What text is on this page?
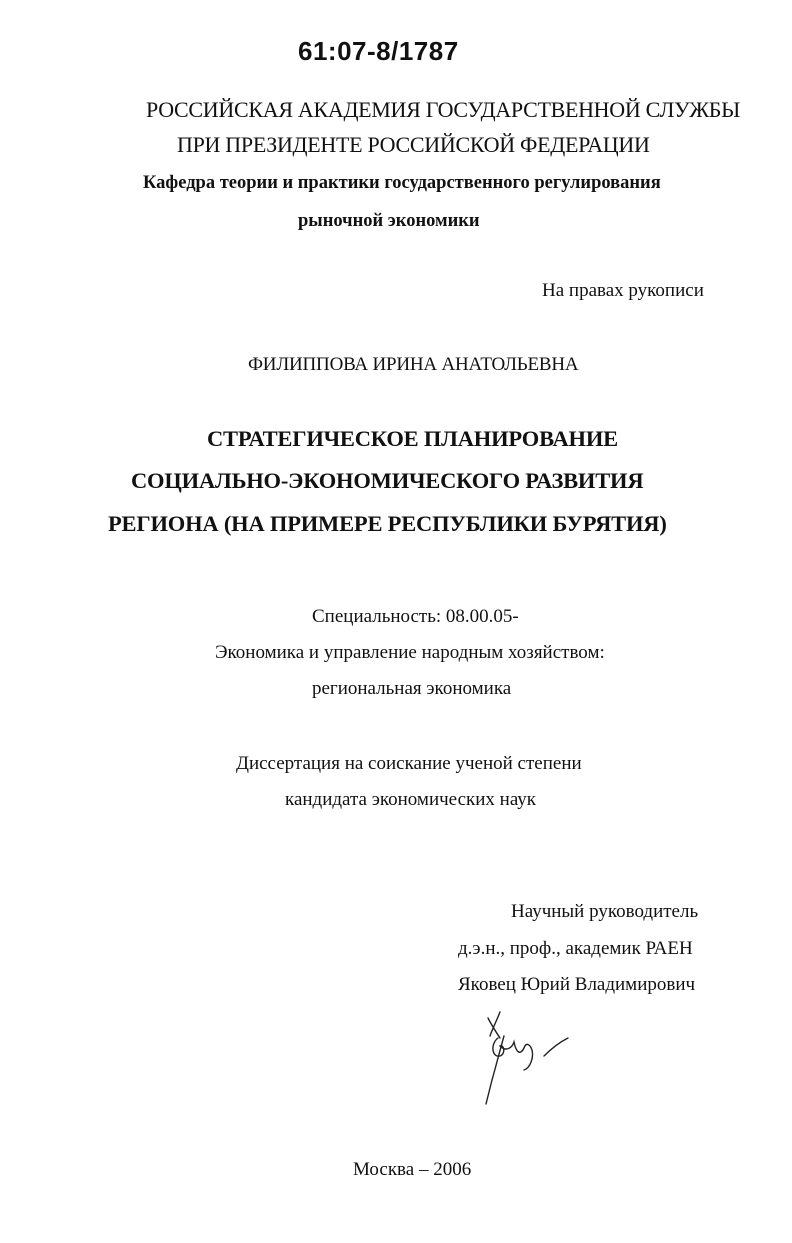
61:07-8/1787
РОССИЙСКАЯ АКАДЕМИЯ ГОСУДАРСТВЕННОЙ СЛУЖБЫ
ПРИ ПРЕЗИДЕНТЕ РОССИЙСКОЙ ФЕДЕРАЦИИ
Кафедра теории и практики государственного регулирования
рыночной экономики
На правах рукописи
ФИЛИППОВА ИРИНА АНАТОЛЬЕВНА
СТРАТЕГИЧЕСКОЕ ПЛАНИРОВАНИЕ
СОЦИАЛЬНО-ЭКОНОМИЧЕСКОГО РАЗВИТИЯ
РЕГИОНА (НА ПРИМЕРЕ РЕСПУБЛИКИ БУРЯТИЯ)
Специальность: 08.00.05-
Экономика и управление народным хозяйством:
региональная экономика
Диссертация на соискание ученой степени
кандидата экономических наук
Научный руководитель
д.э.н., проф., академик РАЕН
Яковец Юрий Владимирович
Москва – 2006
